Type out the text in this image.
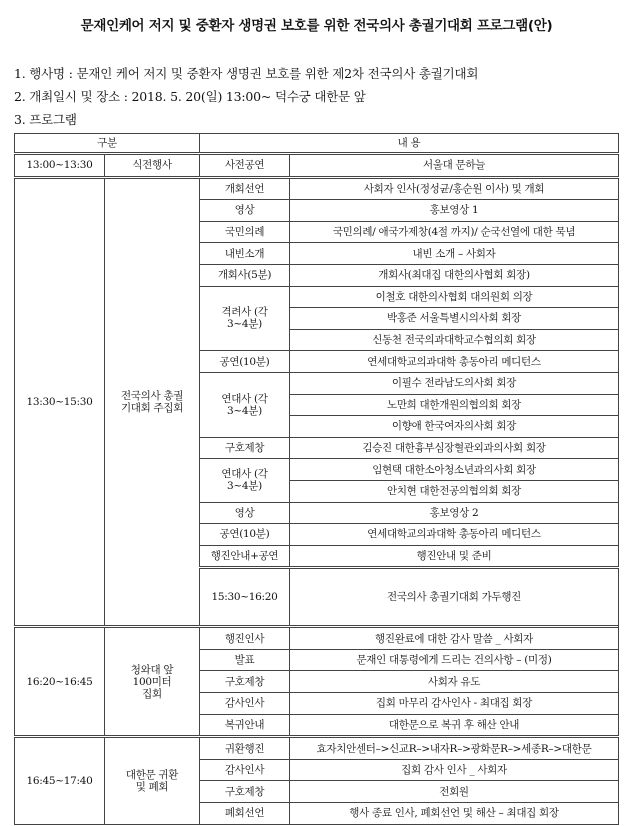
문재인케어 저지 및 중환자 생명권 보호를 위한 전국의사 총궐기대회 프로그램(안)
1. 행사명 : 문재인 케어 저지 및 중환자 생명권 보호를 위한 제2차 전국의사 총궐기대회
2. 개최일시 및 장소 : 2018. 5. 20(일) 13:00~ 덕수궁 대한문 앞
3. 프로그램
구분		내 용		
13:00~13:30	식전행사	사전공연	서울대 문하늘	
13:30~15:30	전국의사 총궐기대회 주집회	개회선언	사회자 인사(정성균/홍순원 이사) 및 개회	
		영상	홍보영상 1	
		국민의례	국민의례/ 애국가제창(4절 까지)/ 순국선열에 대한 묵념	
		내빈소개	내빈 소개 – 사회자	
		개회사(5분)	개회사(최대집 대한의사협회 회장)	
		격려사 (각 3~4분)	이철호 대한의사협회 대의원회 의장	
			박홍준 서울특별시의사회 회장	
			신동천 전국의과대학교수협의회 회장	
		공연(10분)	연세대학교의과대학 총동아리 메디턴스	
		연대사 (각 3~4분)	이필수 전라남도의사회 회장	
			노만희 대한개원의협의회 회장	
			이향애 한국여자의사회 회장	
		구호제창	김승진 대한흉부심장혈관외과의사회 회장	
		연대사 (각 3~4분)	임현택 대한소아청소년과의사회 회장	
			안치현 대한전공의협의회 회장	
		영상	홍보영상 2	
		공연(10분)	연세대학교의과대학 총동아리 메디턴스	
		행진안내+공연	행진안내 및 준비	
		15:30~16:20	전국의사 총궐기대회 가두행진		
16:20~16:45	청와대 앞 100미터 집회	행진인사	행진완료에 대한 감사 말씀 _ 사회자	
		발표	문재인 대통령에게 드리는 건의사항 – (미정)	
		구호제창	사회자 유도	
		감사인사	집회 마무리 감사인사 - 최대집 회장	
		복귀안내	대한문으로 복귀 후 해산 안내	
16:45~17:40	대한문 귀환 및 폐회	귀환행진	효자치안센터–>신교R–>내자R–>광화문R–>세종R–>대한문	
		감사인사	집회 감사 인사 _ 사회자	
		구호제창	전회원	
		폐회선언	행사 종료 인사, 폐회선언 및 해산 – 최대집 회장	
